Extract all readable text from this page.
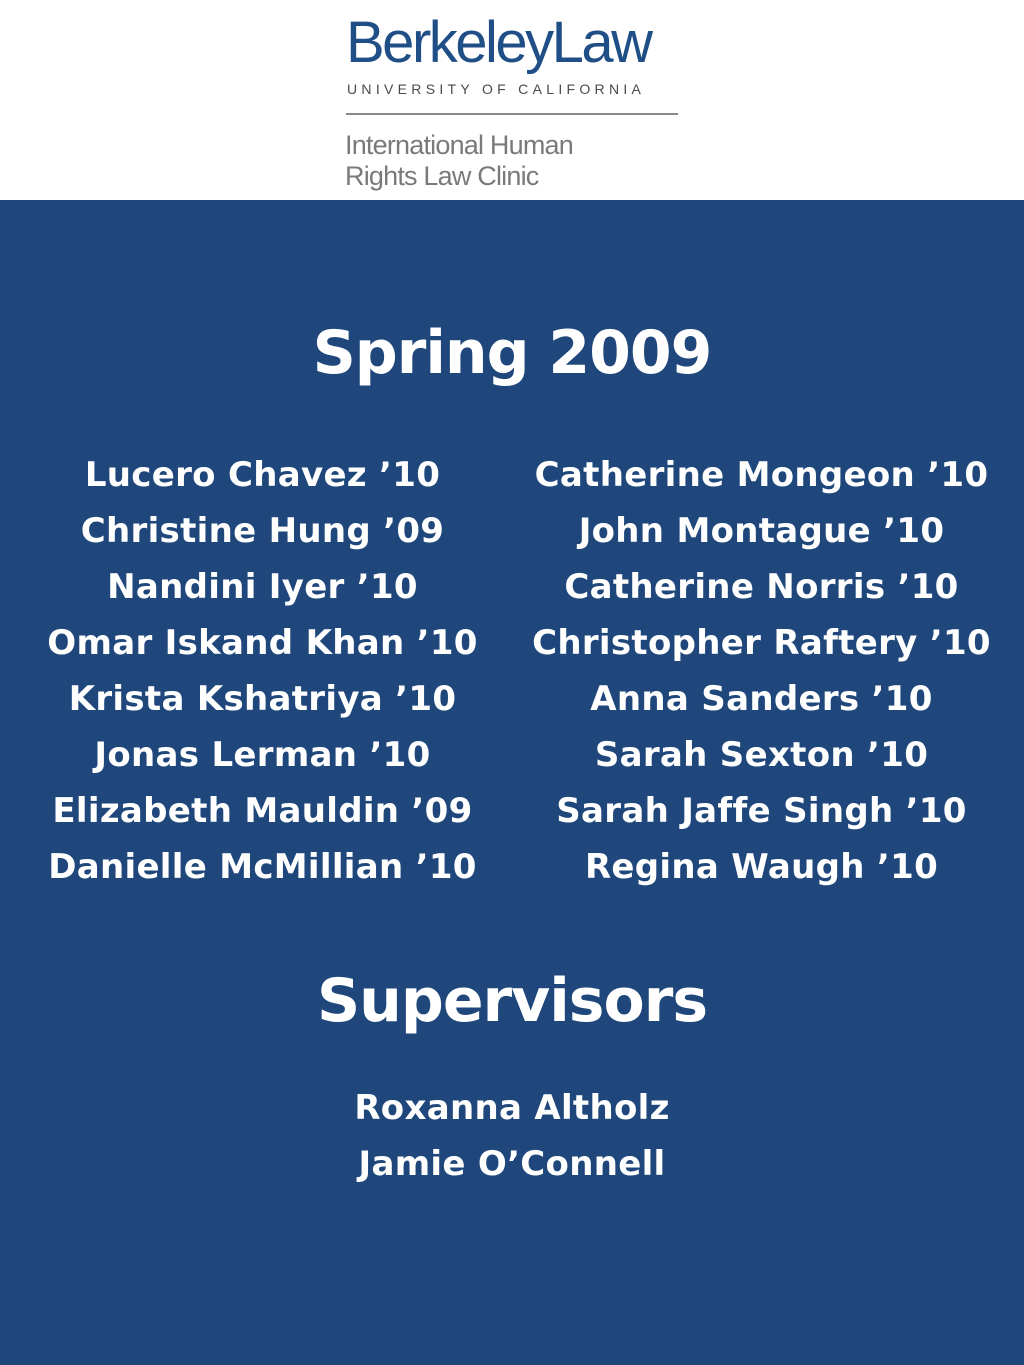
BerkeleyLaw
UNIVERSITY OF CALIFORNIA
International Human
Rights Law Clinic
Spring 2009
Lucero Chavez ’10
Christine Hung ’09
Nandini Iyer ’10
Omar Iskand Khan ’10
Krista Kshatriya ’10
Jonas Lerman ’10
Elizabeth Mauldin ’09
Danielle McMillian ’10
Catherine Mongeon ’10
John Montague ’10
Catherine Norris ’10
Christopher Raftery ’10
Anna Sanders ’10
Sarah Sexton ’10
Sarah Jaffe Singh ’10
Regina Waugh ’10
Supervisors
Roxanna Altholz
Jamie O’Connell
